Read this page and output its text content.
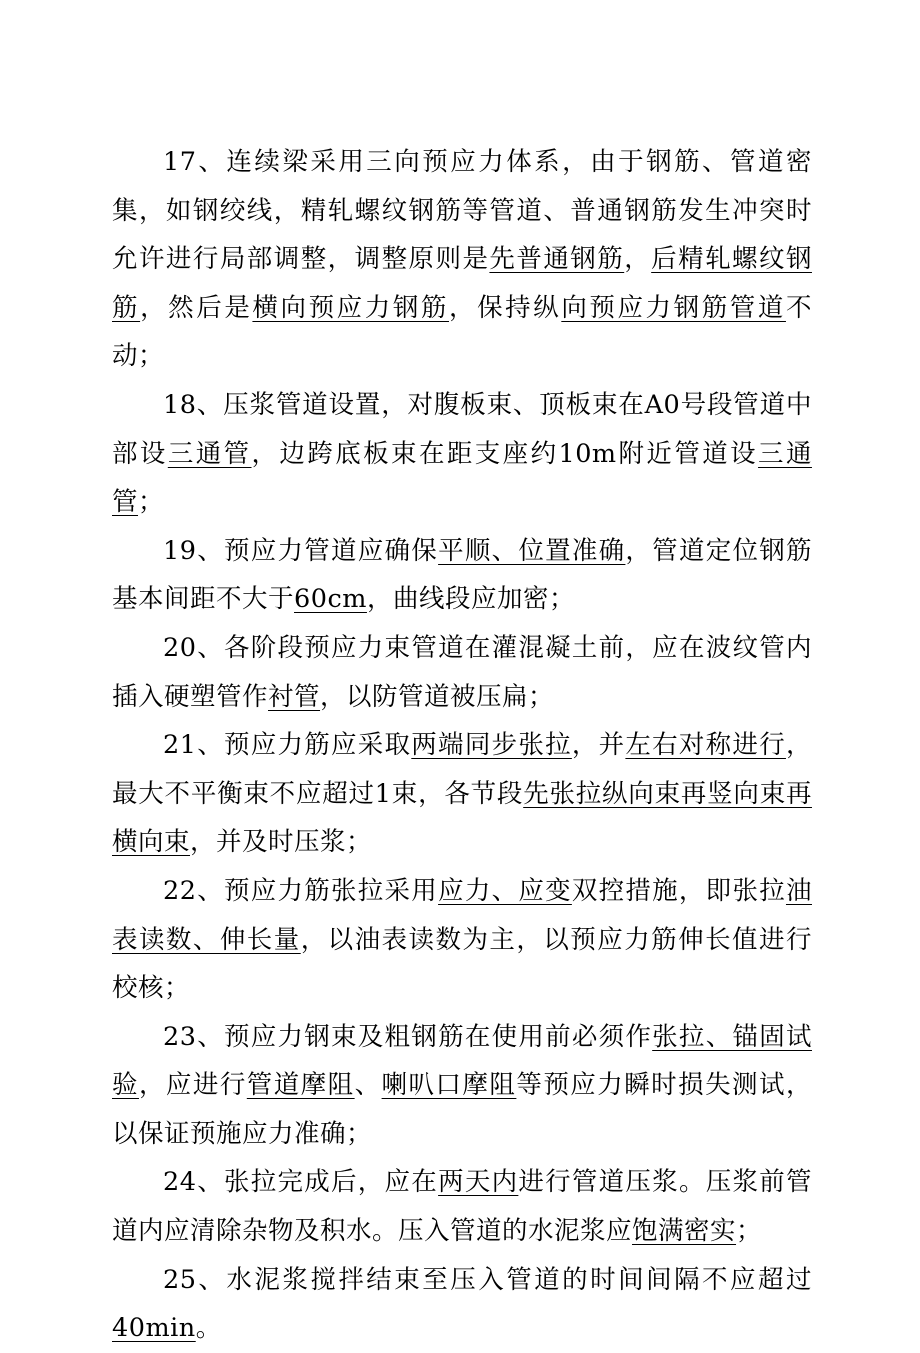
17、连续梁采用三向预应力体系，由于钢筋、管道密集，如钢绞线，精轧螺纹钢筋等管道、普通钢筋发生冲突时允许进行局部调整，调整原则是先普通钢筋，后精轧螺纹钢筋，然后是横向预应力钢筋，保持纵向预应力钢筋管道不动；

18、压浆管道设置，对腹板束、顶板束在A0号段管道中部设三通管，边跨底板束在距支座约10m附近管道设三通管；

19、预应力管道应确保平顺、位置准确，管道定位钢筋基本间距不大于60cm，曲线段应加密；

20、各阶段预应力束管道在灌混凝土前，应在波纹管内插入硬塑管作衬管，以防管道被压扁；

21、预应力筋应采取两端同步张拉，并左右对称进行，最大不平衡束不应超过1束，各节段先张拉纵向束再竖向束再横向束，并及时压浆；

22、预应力筋张拉采用应力、应变双控措施，即张拉油表读数、伸长量，以油表读数为主，以预应力筋伸长值进行校核；

23、预应力钢束及粗钢筋在使用前必须作张拉、锚固试验，应进行管道摩阻、喇叭口摩阻等预应力瞬时损失测试，以保证预施应力准确；

24、张拉完成后，应在两天内进行管道压浆。压浆前管道内应清除杂物及积水。压入管道的水泥浆应饱满密实；

25、水泥浆搅拌结束至压入管道的时间间隔不应超过40min。
